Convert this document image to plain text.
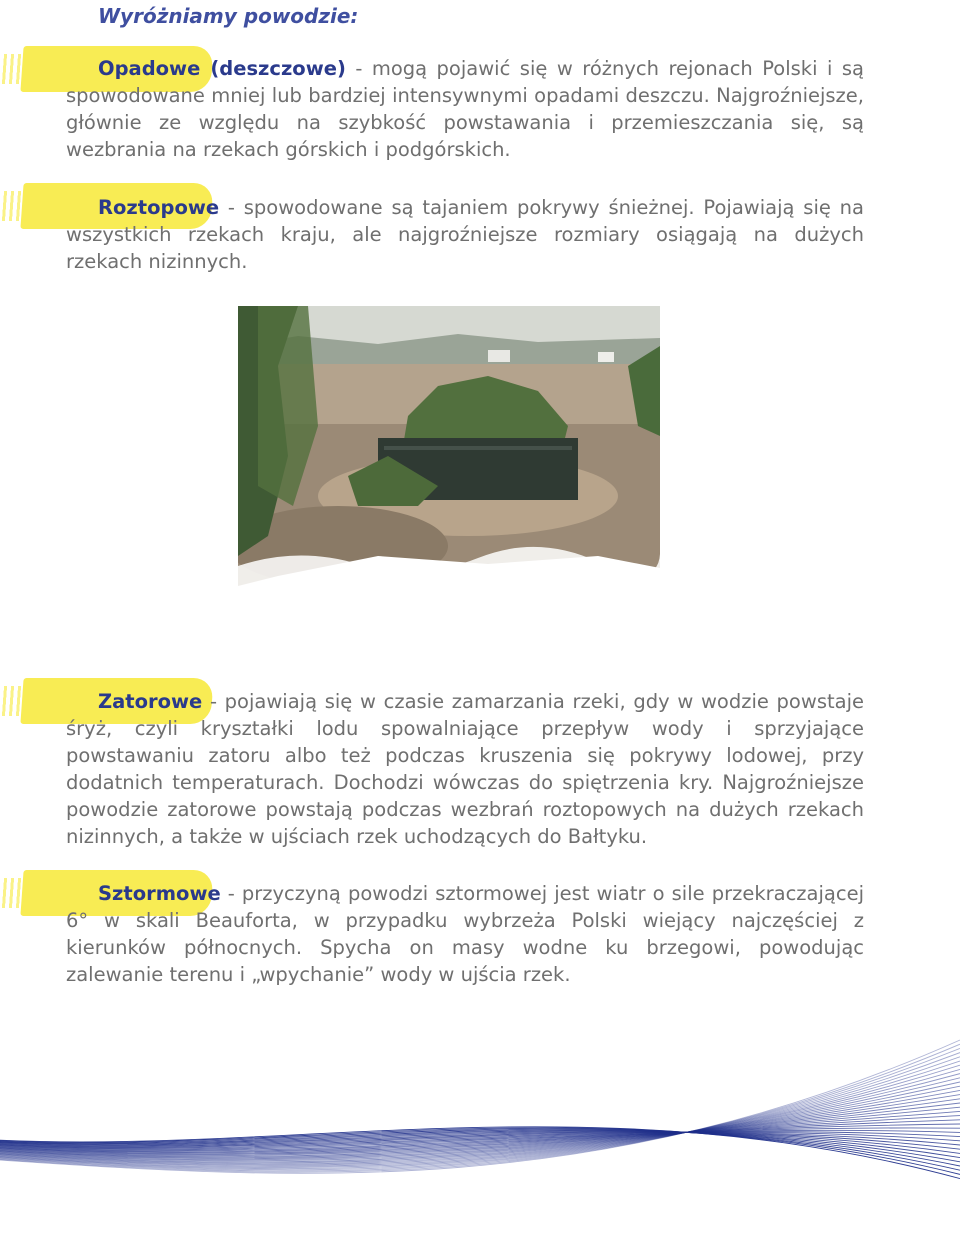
Wyróżniamy powodzie:
Opadowe (deszczowe) - mogą pojawić się w różnych rejonach Polski i są spowodowane mniej lub bardziej intensywnymi opadami deszczu. Najgroźniejsze, głównie ze względu na szybkość powstawania i przemieszczania się, są wezbrania na rzekach górskich i podgórskich.
Roztopowe - spowodowane są tajaniem pokrywy śnieżnej. Pojawiają się na wszystkich rzekach kraju, ale najgroźniejsze rozmiary osiągają na dużych rzekach nizinnych.
Zatorowe - pojawiają się w czasie zamarzania rzeki, gdy w wodzie powstaje śryż, czyli kryształki lodu spowalniające przepływ wody i sprzyjające powstawaniu zatoru albo też podczas kruszenia się pokrywy lodowej, przy dodatnich temperaturach. Dochodzi wówczas do spiętrzenia kry. Najgroźniejsze powodzie zatorowe powstają podczas wezbrań roztopowych na dużych rzekach nizinnych, a także w ujściach rzek uchodzących do Bałtyku.
Sztormowe - przyczyną powodzi sztormowej jest wiatr o sile przekraczającej 6° w skali Beauforta, w przypadku wybrzeża Polski wiejący najczęściej z kierunków północnych. Spycha on masy wodne ku brzegowi, powodując zalewanie terenu i „wpychanie” wody w ujścia rzek.
